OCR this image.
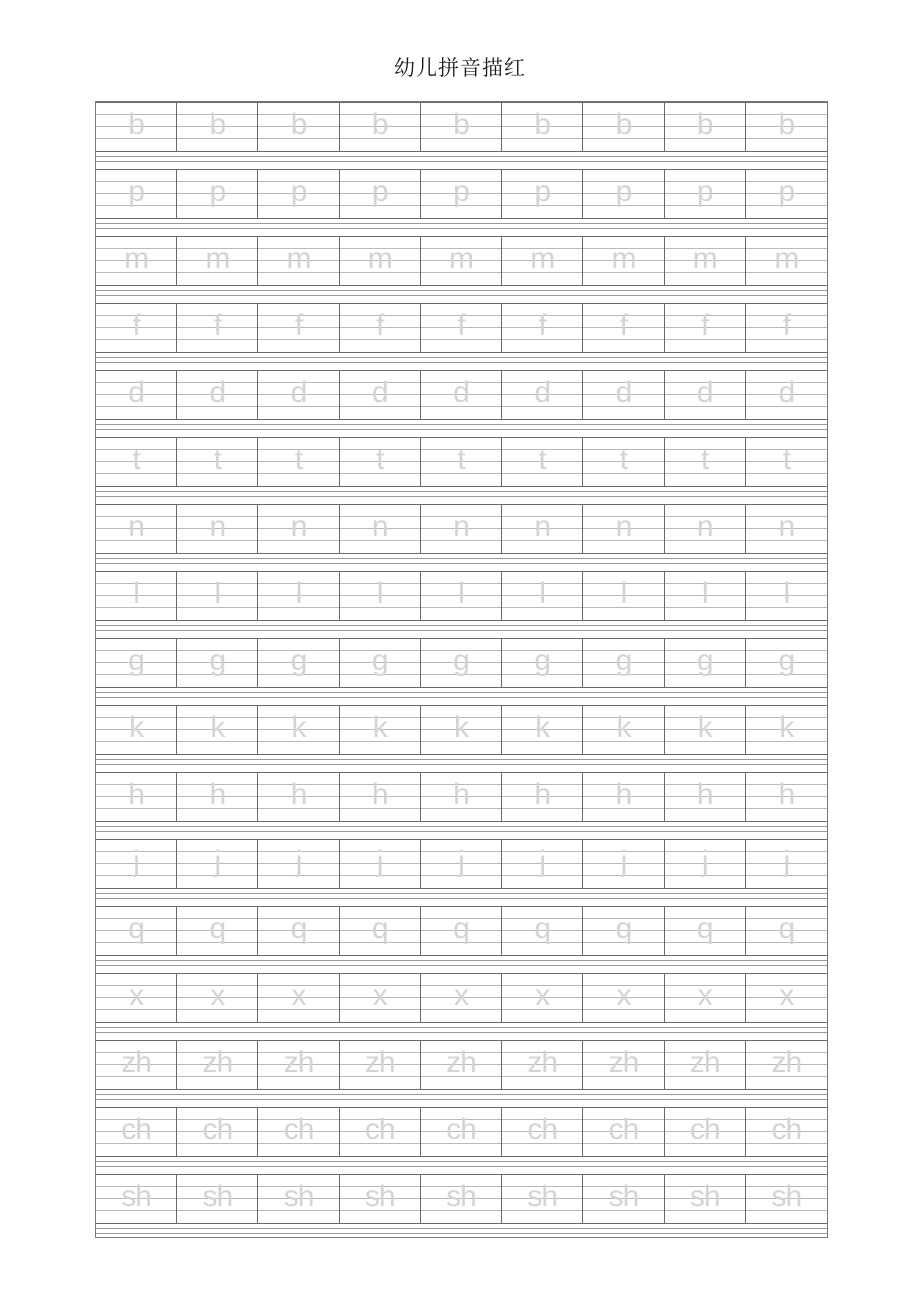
幼儿拼音描红
b b b b b b b b b
p p p p p p p p p
m m m m m m m m m
f f f f f f f f f
d d d d d d d d d
t t t t t t t t t
n n n n n n n n n
l	l	l	l	l	l	l	l	l
g g g g g g g g g
k k k k k k k k k
h h h h h h h h h
j	j	j	j	j	j	j	j	j
q q q q q q q q q
x x x x x x x x x
zh zh zh zh zh zh zh zh zh
ch ch ch ch ch ch ch ch ch
sh sh sh sh sh sh sh sh sh
